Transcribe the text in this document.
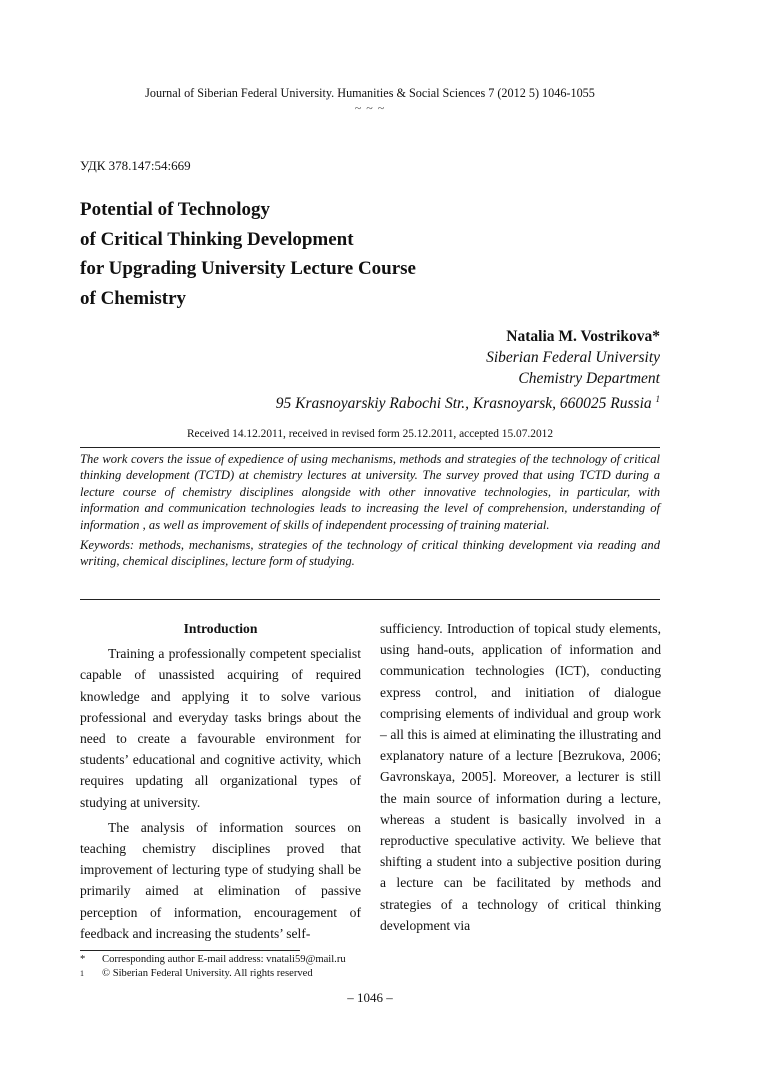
Journal of Siberian Federal University. Humanities & Social Sciences 7 (2012 5) 1046-1055
~ ~ ~
УДК 378.147:54:669
Potential of Technology
of Critical Thinking Development
for Upgrading University Lecture Course
of Chemistry
Natalia M. Vostrikova*
Siberian Federal University
Chemistry Department
95 Krasnoyarskiy Rabochi Str., Krasnoyarsk, 660025 Russia $^1$
Received 14.12.2011, received in revised form 25.12.2011, accepted 15.07.2012

The work covers the issue of expedience of using mechanisms, methods and strategies of the technology of critical thinking development (TCTD) at chemistry lectures at university. The survey proved that using TCTD during a lecture course of chemistry disciplines alongside with other innovative technologies, in particular, with information and communication technologies leads to increasing the level of comprehension, understanding of information , as well as improvement of skills of independent processing of training material.

Keywords: methods, mechanisms, strategies of the technology of critical thinking development via reading and writing, chemical disciplines, lecture form of studying.

Introduction

Training a professionally competent specialist capable of unassisted acquiring of required knowledge and applying it to solve various professional and everyday tasks brings about the need to create a favourable environment for students’ educational and cognitive activity, which requires updating all organizational types of studying at university.

The analysis of information sources on teaching chemistry disciplines proved that improvement of lecturing type of studying shall be primarily aimed at elimination of passive perception of information, encouragement of feedback and increasing the students’ self-

sufficiency. Introduction of topical study elements, using hand-outs, application of information and communication technologies (ICT), conducting express control, and initiation of dialogue comprising elements of individual and group work – all this is aimed at eliminating the illustrating and explanatory nature of a lecture [Bezrukova, 2006; Gavronskaya, 2005]. Moreover, a lecturer is still the main source of information during a lecture, whereas a student is basically involved in a reproductive speculative activity. We believe that shifting a student into a subjective position during a lecture can be facilitated by methods and strategies of a technology of critical thinking development via

*	Corresponding author E-mail address: vnatali59@mail.ru
1	© Siberian Federal University. All rights reserved
– 1046 –
